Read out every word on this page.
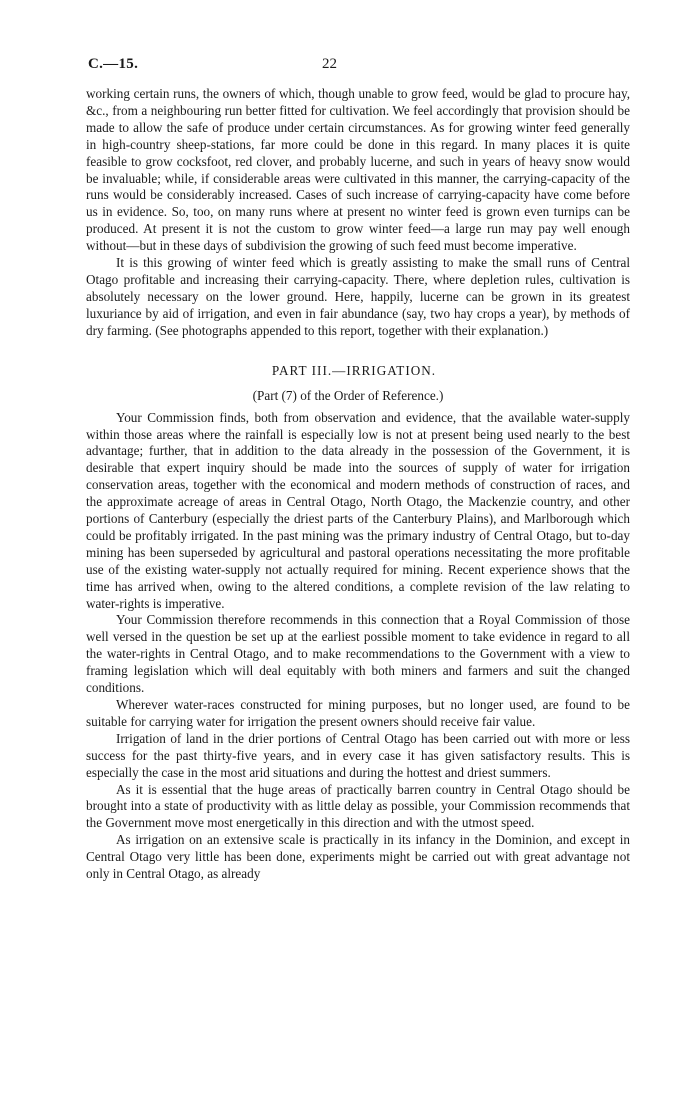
C.—15.	22

working certain runs, the owners of which, though unable to grow feed, would be glad to procure hay, &c., from a neighbouring run better fitted for cultivation. We feel accordingly that provision should be made to allow the safe of produce under certain circumstances. As for growing winter feed generally in high-country sheep-stations, far more could be done in this regard. In many places it is quite feasible to grow cocksfoot, red clover, and probably lucerne, and such in years of heavy snow would be invaluable; while, if considerable areas were cultivated in this manner, the carrying-capacity of the runs would be considerably increased. Cases of such increase of carrying-capacity have come before us in evidence. So, too, on many runs where at present no winter feed is grown even turnips can be produced. At present it is not the custom to grow winter feed—a large run may pay well enough without—but in these days of subdivision the growing of such feed must become imperative.

It is this growing of winter feed which is greatly assisting to make the small runs of Central Otago profitable and increasing their carrying-capacity. There, where depletion rules, cultivation is absolutely necessary on the lower ground. Here, happily, lucerne can be grown in its greatest luxuriance by aid of irrigation, and even in fair abundance (say, two hay crops a year), by methods of dry farming. (See photographs appended to this report, together with their explanation.)

PART III.—IRRIGATION.
(Part (7) of the Order of Reference.)

Your Commission finds, both from observation and evidence, that the available water-supply within those areas where the rainfall is especially low is not at present being used nearly to the best advantage; further, that in addition to the data already in the possession of the Government, it is desirable that expert inquiry should be made into the sources of supply of water for irrigation conservation areas, together with the economical and modern methods of construction of races, and the approximate acreage of areas in Central Otago, North Otago, the Mackenzie country, and other portions of Canterbury (especially the driest parts of the Canterbury Plains), and Marlborough which could be profitably irrigated. In the past mining was the primary industry of Central Otago, but to-day mining has been superseded by agricultural and pastoral operations necessitating the more profitable use of the existing water-supply not actually required for mining. Recent experience shows that the time has arrived when, owing to the altered conditions, a complete revision of the law relating to water-rights is imperative.

Your Commission therefore recommends in this connection that a Royal Commission of those well versed in the question be set up at the earliest possible moment to take evidence in regard to all the water-rights in Central Otago, and to make recommendations to the Government with a view to framing legislation which will deal equitably with both miners and farmers and suit the changed conditions.

Wherever water-races constructed for mining purposes, but no longer used, are found to be suitable for carrying water for irrigation the present owners should receive fair value.

Irrigation of land in the drier portions of Central Otago has been carried out with more or less success for the past thirty-five years, and in every case it has given satisfactory results. This is especially the case in the most arid situations and during the hottest and driest summers.

As it is essential that the huge areas of practically barren country in Central Otago should be brought into a state of productivity with as little delay as possible, your Commission recommends that the Government move most energetically in this direction and with the utmost speed.

As irrigation on an extensive scale is practically in its infancy in the Dominion, and except in Central Otago very little has been done, experiments might be carried out with great advantage not only in Central Otago, as already
